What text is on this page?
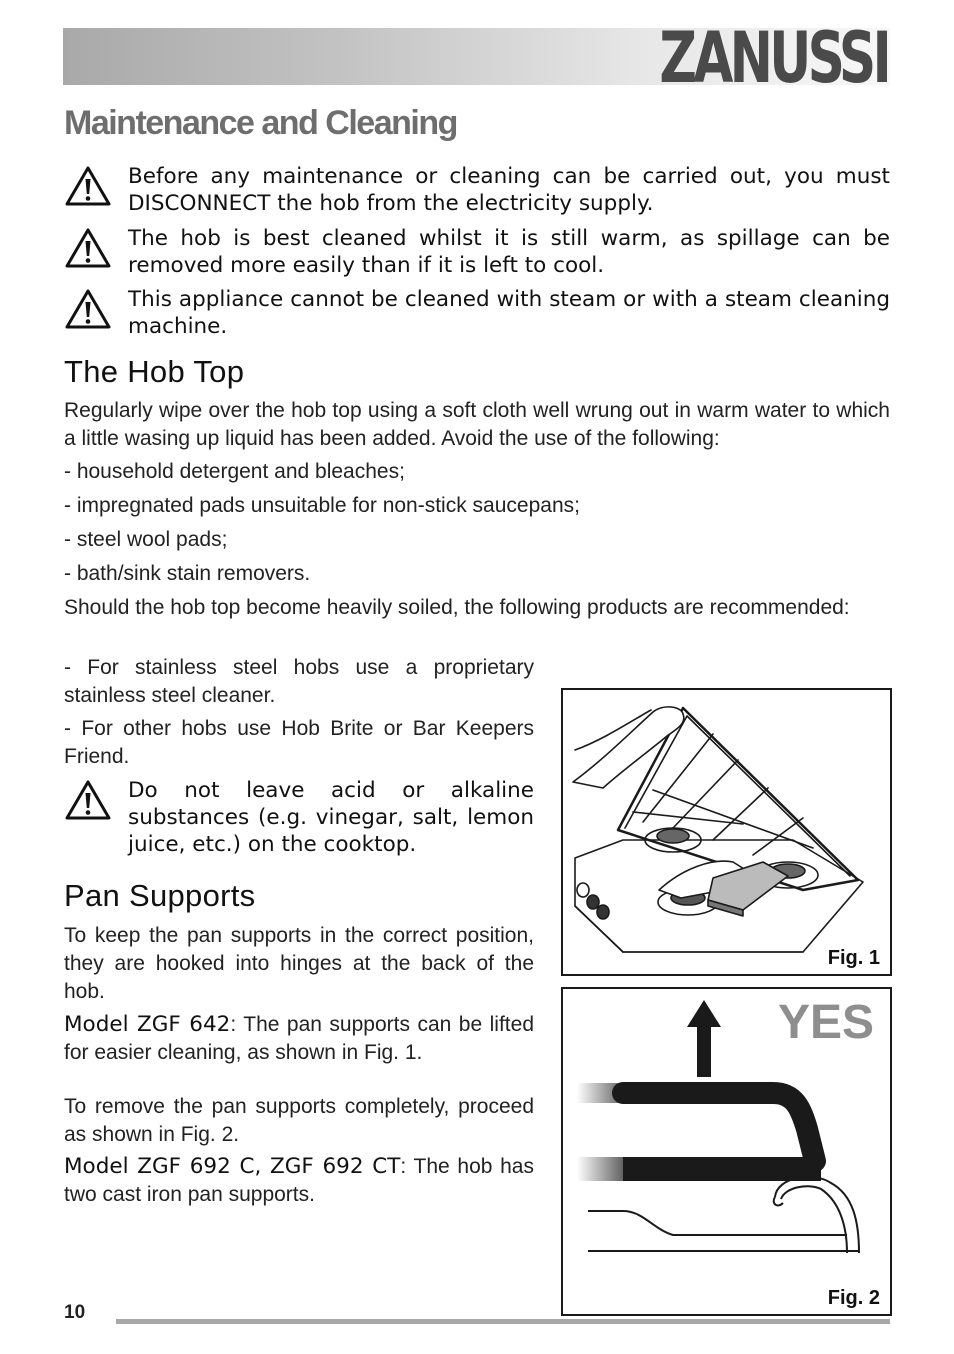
ZANUSSI
Maintenance and Cleaning
Before any maintenance or cleaning can be carried out, you must DISCONNECT the hob from the electricity supply.
The hob is best cleaned whilst it is still warm, as spillage can be removed more easily than if it is left to cool.
This appliance cannot be cleaned with steam or with a steam cleaning machine.
The Hob Top

Regularly wipe over the hob top using a soft cloth well wrung out in warm water to which a little wasing up liquid has been added. Avoid the use of the following:

- household detergent and bleaches;

- impregnated pads unsuitable for non-stick saucepans;

- steel wool pads;

- bath/sink stain removers.

Should the hob top become heavily soiled, the following products are recommended:

- For stainless steel hobs use a proprietary stainless steel cleaner.

- For other hobs use Hob Brite or Bar Keepers Friend.

Do not leave acid or alkaline substances (e.g. vinegar, salt, lemon juice, etc.) on the cooktop.
Pan Supports

To keep the pan supports in the correct position, they are hooked into hinges at the back of the hob.

Model ZGF 642: The pan supports can be lifted for easier cleaning, as shown in Fig. 1.

To remove the pan supports completely, proceed as shown in Fig. 2.

Model ZGF 692 C, ZGF 692 CT: The hob has two cast iron pan supports.

Fig. 1
YES
Fig. 2
10
